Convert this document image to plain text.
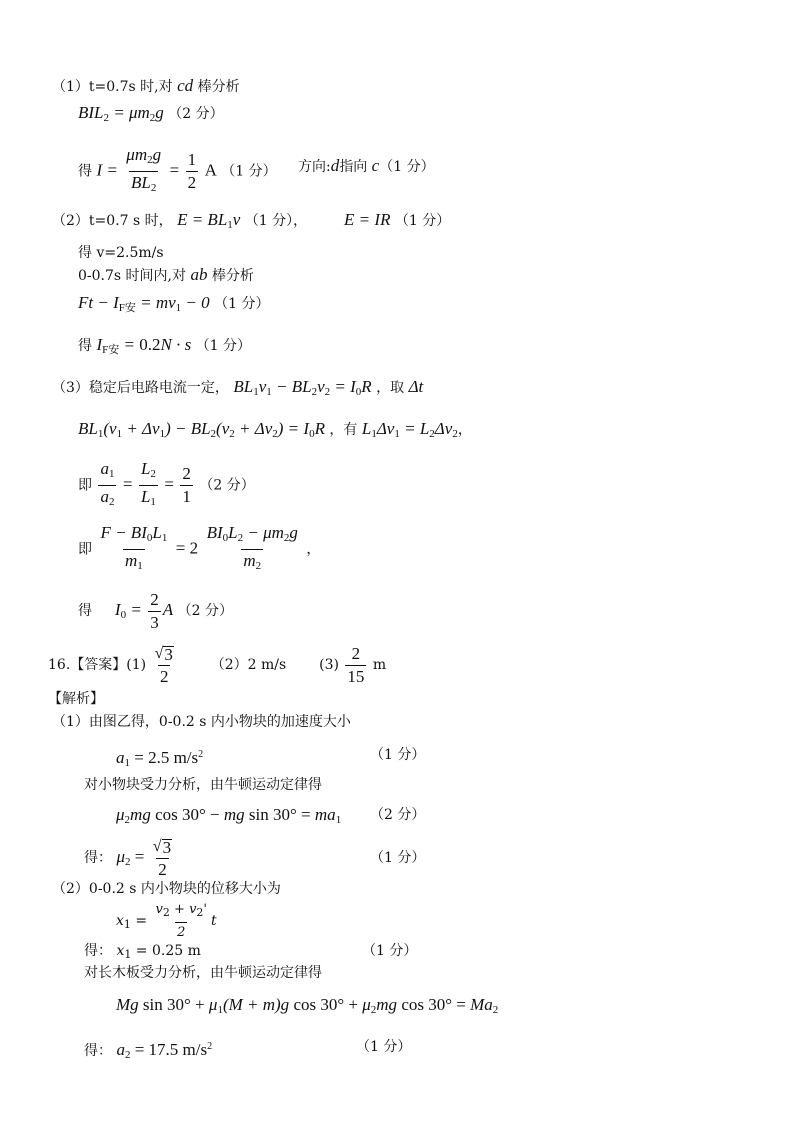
（1）t=0.7s 时,对 cd 棒分析
$BIL_2 = \mu m_2g$ （2 分）
得 $I = \frac{\mu m_2g}{BL_2} = \frac{1}{2}$ A （1 分） 方向:d指向 c（1 分）
（2）t=0.7 s 时， $E = BL_1v$ （1 分）， E = IR （1 分）
得 v=2.5m/s
0-0.7s 时间内,对 ab 棒分析
$Ft - I_{F安} = mv_1 - 0$ （1 分）
得 $I_{F安} = 0.2N \cdot s$ （1 分）
（3）稳定后电路电流一定， $BL_1v_1 - BL_2v_2 = I_0R$ ，取 Δt
$BL_1(v_1 + \Delta v_1) - BL_2(v_2 + \Delta v_2) = I_0R$ ，有 $L_1\Delta v_1 = L_2\Delta v_2$，
即 $\frac{a_1}{a_2} = \frac{L_2}{L_1} = \frac{2}{1} (2$ 分）
即 $\frac{F - BI_0L_1}{m_1} = 2 \frac{BI_0L_2 - \mu m_2g}{m_2}$ ，
得 $I_0 = \frac{2}{3}$ A （2 分）
16.【答案】$(1) \frac{√ 3}{2} (2)2$ m/s $(3) \frac{2}{15}$ m
【解析】
（1）由图乙得，0-0.2 s 内小物块的加速度大小
$a_1 = 2.5$ $m/s^2$	（1 分）
对小物块受力分析，由牛顿运动定律得
$\mu_2mg$ cos 30° − mg $\sin 30^\circ = ma_1$ （2 分）
得： $\mu_2 = \frac{√ 3}{2}$	（1 分）
（2）0-0.2 s 内小物块的位移大小为
$x_1 = \frac{v_2 + v_2'}{2}$ t
得： $x_1 = 0.25$ m	（1 分）
对长木板受力分析，由牛顿运动定律得
Mg $\sin 30^\circ + \mu_1(M + m)g$ $\cos 30^\circ + \mu_2mg$ $\cos 30^\circ = Ma_2$
得： $a_2 = 17.5$ $m/s^2$	（1 分）
